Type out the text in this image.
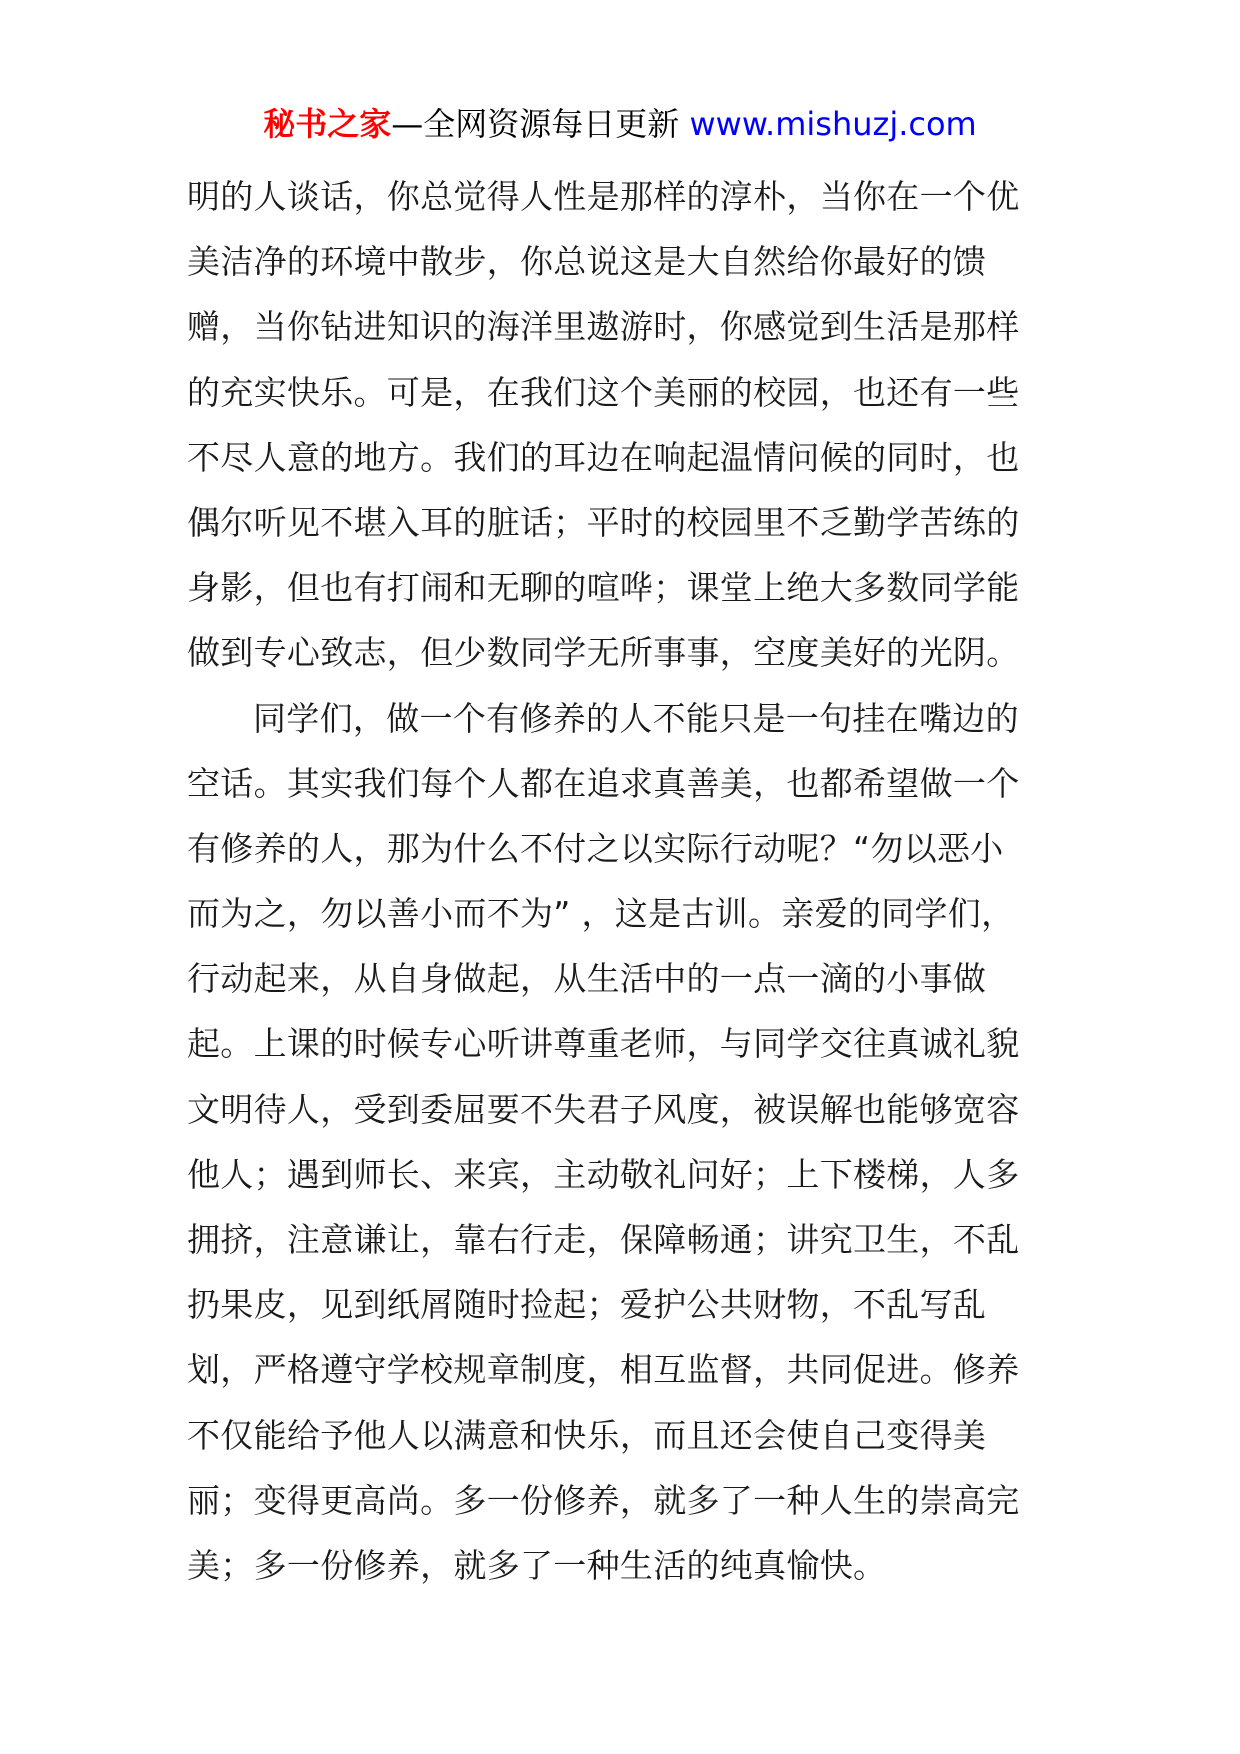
秘书之家—全网资源每日更新 www.mishuzj.com
明的人谈话，你总觉得人性是那样的淳朴，当你在一个优
美洁净的环境中散步，你总说这是大自然给你最好的馈
赠，当你钻进知识的海洋里遨游时，你感觉到生活是那样
的充实快乐。可是，在我们这个美丽的校园，也还有一些
不尽人意的地方。我们的耳边在响起温情问候的同时，也
偶尔听见不堪入耳的脏话；平时的校园里不乏勤学苦练的
身影，但也有打闹和无聊的喧哗；课堂上绝大多数同学能
做到专心致志，但少数同学无所事事，空度美好的光阴。
同学们，做一个有修养的人不能只是一句挂在嘴边的
空话。其实我们每个人都在追求真善美，也都希望做一个
有修养的人，那为什么不付之以实际行动呢？“勿以恶小
而为之，勿以善小而不为” ，这是古训。亲爱的同学们，
行动起来，从自身做起，从生活中的一点一滴的小事做
起。上课的时候专心听讲尊重老师，与同学交往真诚礼貌
文明待人，受到委屈要不失君子风度，被误解也能够宽容
他人；遇到师长、来宾，主动敬礼问好；上下楼梯，人多
拥挤，注意谦让，靠右行走，保障畅通；讲究卫生，不乱
扔果皮，见到纸屑随时捡起；爱护公共财物，不乱写乱
划，严格遵守学校规章制度，相互监督，共同促进。修养
不仅能给予他人以满意和快乐，而且还会使自己变得美
丽；变得更高尚。多一份修养，就多了一种人生的崇高完
美；多一份修养，就多了一种生活的纯真愉快。
